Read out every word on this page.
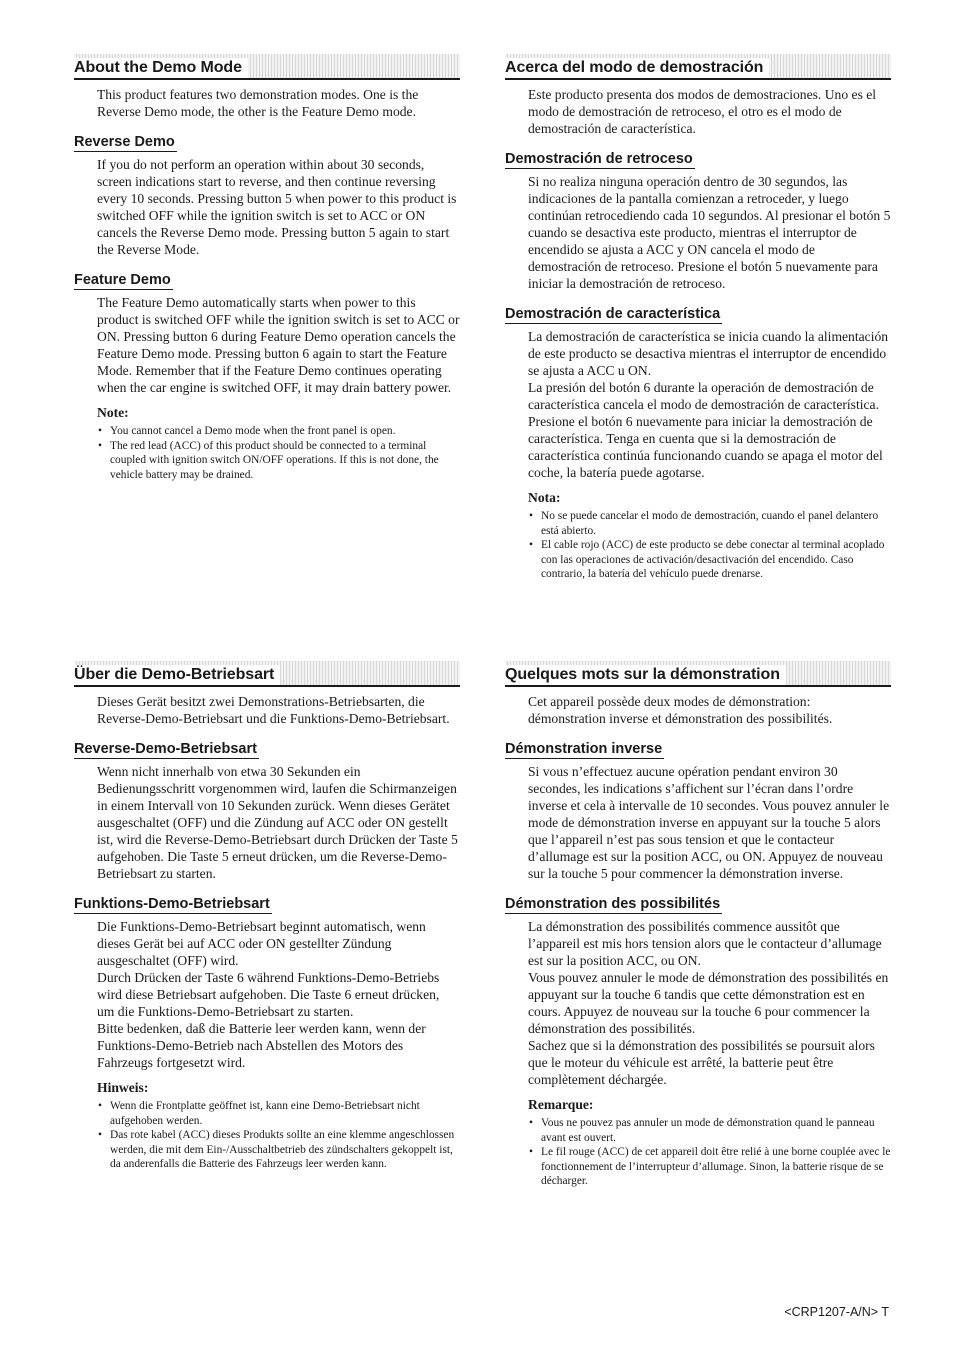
About the Demo Mode

This product features two demonstration modes. One is the Reverse Demo mode, the other is the Feature Demo mode.

Reverse Demo

If you do not perform an operation within about 30 seconds, screen indications start to reverse, and then continue reversing every 10 seconds. Pressing button 5 when power to this product is switched OFF while the ignition switch is set to ACC or ON cancels the Reverse Demo mode. Pressing button 5 again to start the Reverse Mode.

Feature Demo

The Feature Demo automatically starts when power to this product is switched OFF while the ignition switch is set to ACC or ON. Pressing button 6 during Feature Demo operation cancels the Feature Demo mode. Pressing button 6 again to start the Feature Mode. Remember that if the Feature Demo continues operating when the car engine is switched OFF, it may drain battery power.

Note:
• You cannot cancel a Demo mode when the front panel is open.
• The red lead (ACC) of this product should be connected to a terminal coupled with ignition switch ON/OFF operations. If this is not done, the vehicle battery may be drained.
Acerca del modo de demostración

Este producto presenta dos modos de demostraciones. Uno es el modo de demostración de retroceso, el otro es el modo de demostración de característica.

Demostración de retroceso

Si no realiza ninguna operación dentro de 30 segundos, las indicaciones de la pantalla comienzan a retroceder, y luego continúan retrocediendo cada 10 segundos. Al presionar el botón 5 cuando se desactiva este producto, mientras el interruptor de encendido se ajusta a ACC y ON cancela el modo de demostración de retroceso. Presione el botón 5 nuevamente para iniciar la demostración de retroceso.

Demostración de característica

La demostración de característica se inicia cuando la alimentación de este producto se desactiva mientras el interruptor de encendido se ajusta a ACC u ON.
La presión del botón 6 durante la operación de demostración de característica cancela el modo de demostración de característica. Presione el botón 6 nuevamente para iniciar la demostración de característica. Tenga en cuenta que si la demostración de característica continúa funcionando cuando se apaga el motor del coche, la batería puede agotarse.

Nota:
• No se puede cancelar el modo de demostración, cuando el panel delantero está abierto.
• El cable rojo (ACC) de este producto se debe conectar al terminal acoplado con las operaciones de activación/desactivación del encendido. Caso contrario, la batería del vehículo puede drenarse.
Über die Demo-Betriebsart

Dieses Gerät besitzt zwei Demonstrations-Betriebsarten, die Reverse-Demo-Betriebsart und die Funktions-Demo-Betriebsart.

Reverse-Demo-Betriebsart

Wenn nicht innerhalb von etwa 30 Sekunden ein Bedienungsschritt vorgenommen wird, laufen die Schirmanzeigen in einem Intervall von 10 Sekunden zurück. Wenn dieses Gerätet ausgeschaltet (OFF) und die Zündung auf ACC oder ON gestellt ist, wird die Reverse-Demo-Betriebsart durch Drücken der Taste 5 aufgehoben. Die Taste 5 erneut drücken, um die Reverse-Demo-Betriebsart zu starten.

Funktions-Demo-Betriebsart

Die Funktions-Demo-Betriebsart beginnt automatisch, wenn dieses Gerät bei auf ACC oder ON gestellter Zündung ausgeschaltet (OFF) wird.
Durch Drücken der Taste 6 während Funktions-Demo-Betriebs wird diese Betriebsart aufgehoben. Die Taste 6 erneut drücken, um die Funktions-Demo-Betriebsart zu starten.
Bitte bedenken, daß die Batterie leer werden kann, wenn der Funktions-Demo-Betrieb nach Abstellen des Motors des Fahrzeugs fortgesetzt wird.

Hinweis:
• Wenn die Frontplatte geöffnet ist, kann eine Demo-Betriebsart nicht aufgehoben werden.
• Das rote kabel (ACC) dieses Produkts sollte an eine klemme angeschlossen werden, die mit dem Ein-/Ausschaltbetrieb des zündschalters gekoppelt ist, da anderenfalls die Batterie des Fahrzeugs leer werden kann.
Quelques mots sur la démonstration

Cet appareil possède deux modes de démonstration: démonstration inverse et démonstration des possibilités.

Démonstration inverse

Si vous n’effectuez aucune opération pendant environ 30 secondes, les indications s’affichent sur l’écran dans l’ordre inverse et cela à intervalle de 10 secondes. Vous pouvez annuler le mode de démonstration inverse en appuyant sur la touche 5 alors que l’appareil n’est pas sous tension et que le contacteur d’allumage est sur la position ACC, ou ON. Appuyez de nouveau sur la touche 5 pour commencer la démonstration inverse.

Démonstration des possibilités

La démonstration des possibilités commence aussitôt que l’appareil est mis hors tension alors que le contacteur d’allumage est sur la position ACC, ou ON.
Vous pouvez annuler le mode de démonstration des possibilités en appuyant sur la touche 6 tandis que cette démonstration est en cours. Appuyez de nouveau sur la touche 6 pour commencer la démonstration des possibilités.
Sachez que si la démonstration des possibilités se poursuit alors que le moteur du véhicule est arrêté, la batterie peut être complètement déchargée.

Remarque:
• Vous ne pouvez pas annuler un mode de démonstration quand le panneau avant est ouvert.
• Le fil rouge (ACC) de cet appareil doit être relié à une borne couplée avec le fonctionnement de l’interrupteur d’allumage. Sinon, la batterie risque de se décharger.
<CRP1207-A/N> T
